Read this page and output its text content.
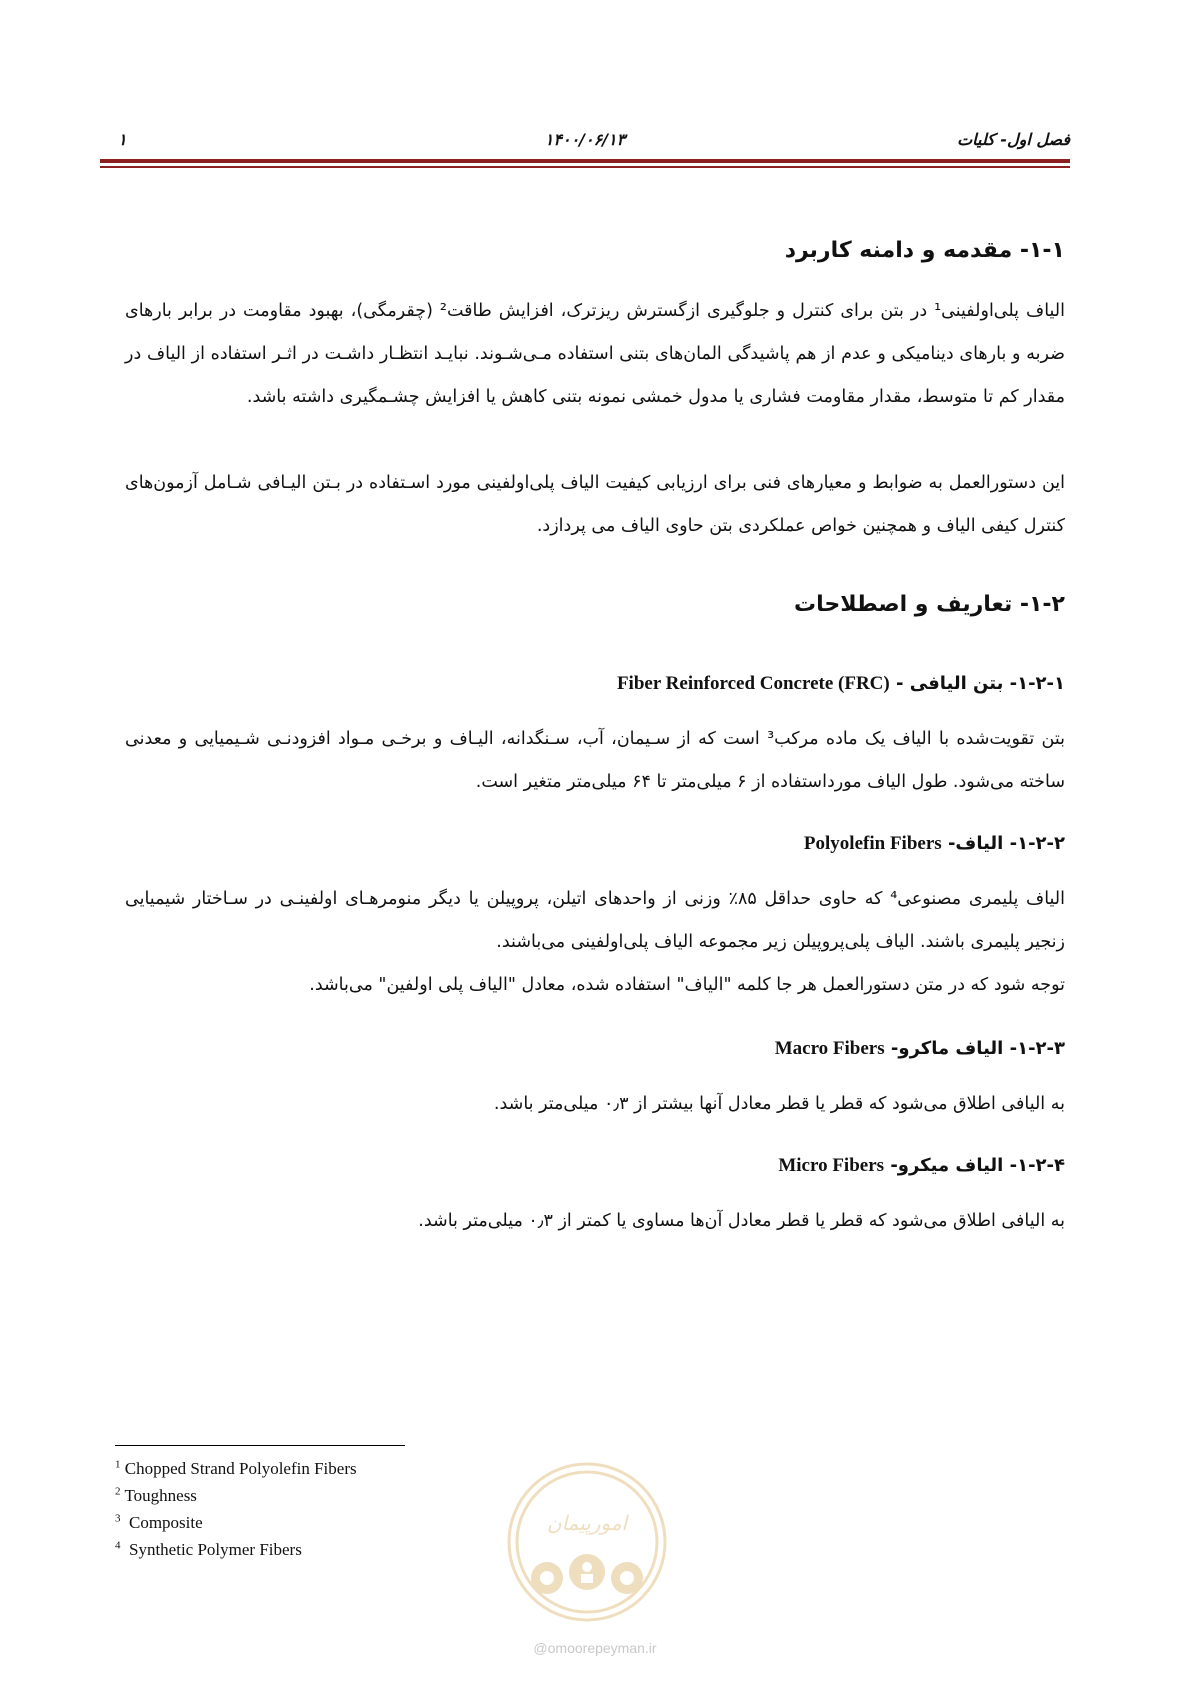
فصل اول- کلیات
۱۴۰۰/۰۶/۱۳
۱
۱-۱- مقدمه و دامنه کاربرد

الیاف پلی‌اولفینی¹ در بتن برای کنترل و جلوگیری ازگسترش ریزترک، افزایش طاقت² (چقرمگی)، بهبود مقاومت در برابر بارهای ضربه و بارهای دینامیکی و عدم از هم پاشیدگی المان‌های بتنی استفاده مـی‌شـوند. نبایـد انتظـار داشـت در اثـر استفاده از الیاف در مقدار کم تا متوسط، مقدار مقاومت فشاری یا مدول خمشی نمونه بتنی کاهش یا افزایش چشـمگیری داشته باشد.

این دستورالعمل به ضوابط و معیارهای فنی برای ارزیابی کیفیت الیاف پلی‌اولفینی مورد اسـتفاده در بـتن الیـافی شـامل آزمون‌های کنترل کیفی الیاف و همچنین خواص عملکردی بتن حاوی الیاف می پردازد.

۱-۲- تعاریف و اصطلاحات
۱-۲-۱- بتن الیافی - Fiber Reinforced Concrete (FRC)

بتن تقویت‌شده با الیاف یک ماده مرکب³ است که از سـیمان، آب، سـنگدانه، الیـاف و برخـی مـواد افزودنـی شـیمیایی و معدنی ساخته می‌شود. طول الیاف مورداستفاده از ۶ میلی‌متر تا ۶۴ میلی‌متر متغیر است.

۱-۲-۲- الیاف- Polyolefin Fibers

الیاف پلیمری مصنوعی⁴ که حاوی حداقل ۸۵٪ وزنی از واحدهای اتیلن، پروپیلن یا دیگر منومرهـای اولفینـی در سـاختار شیمیایی زنجیر پلیمری باشند. الیاف پلی‌پروپیلن زیر مجموعه الیاف پلی‌اولفینی می‌باشند.

توجه شود که در متن دستورالعمل هر جا کلمه "الیاف" استفاده شده، معادل "الیاف پلی اولفین" می‌باشد.

۱-۲-۳- الیاف ماکرو- Macro Fibers

به الیافی اطلاق می‌شود که قطر یا قطر معادل آنها بیشتر از ۰٫۳ میلی‌متر باشد.

۱-۲-۴- الیاف میکرو- Micro Fibers

به الیافی اطلاق می‌شود که قطر یا قطر معادل آن‌ها مساوی یا کمتر از ۰٫۳ میلی‌متر باشد.

$^1$ Chopped Strand Polyolefin Fibers
$^2$ Toughness
$^3$ Composite
$^4$ Synthetic Polymer Fibers
امورپیمان
@omoorepeyman.ir
